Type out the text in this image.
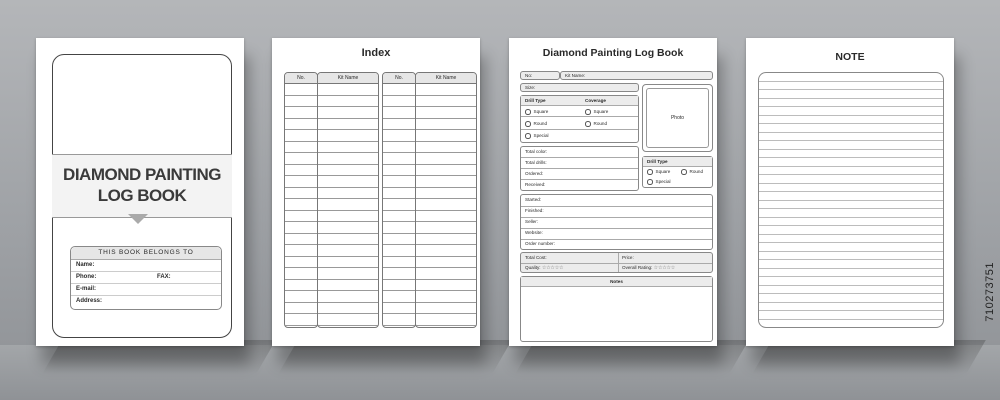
DIAMOND PAINTING
LOG BOOK
THIS BOOK BELONGS TO
Name:
Phone:	FAX:
E-mail:
Address:
Index
No.	Kit Name	No.	Kit Name
Diamond Painting Log Book
No:	Kit Name:
Size:
Drill Type	Coverage
Square	Square
Round	Round
Special
Photo
Total color:
Total drills:
Ordered:
Received:
Drill Type
Square	Round
Special
Started:
Finished:
Seller:
Website:
Order number:
Total Cost:	Price:
Quality: ☆☆☆☆☆	Overall Rating: ☆☆☆☆☆
Notes
NOTE
710273751
